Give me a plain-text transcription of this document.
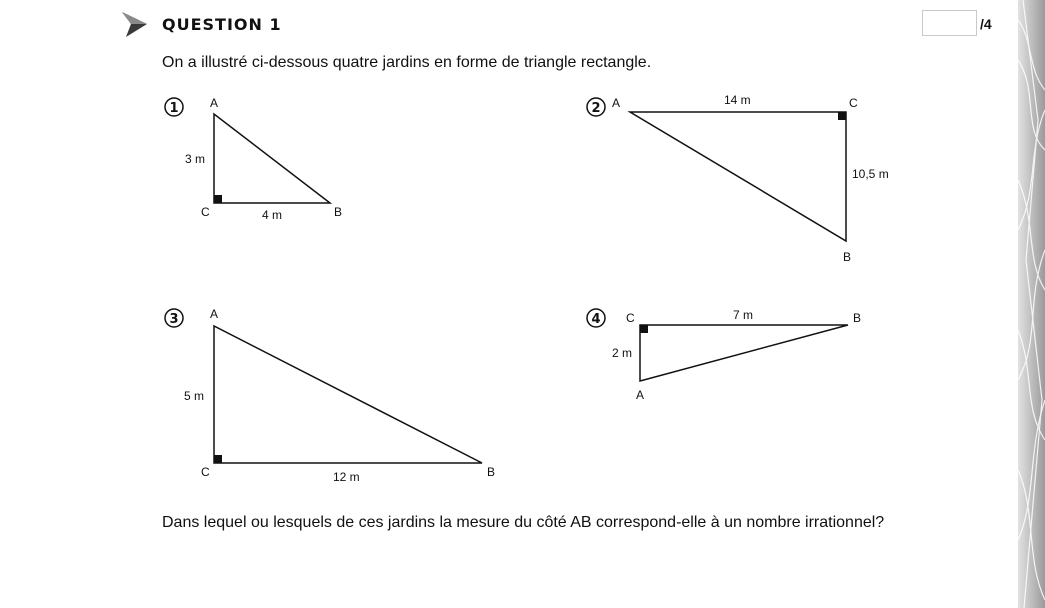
QUESTION 1	/4
On a illustré ci-dessous quatre jardins en forme de triangle rectangle.
1	2
3	4
A
C	B
3 m
4 m
A	C
B
14 m
10,5 m
A
C	B
5 m
12 m
C	B
A
7 m
2 m
Dans lequel ou lesquels de ces jardins la mesure du côté AB correspond-elle à un nombre irrationnel?
